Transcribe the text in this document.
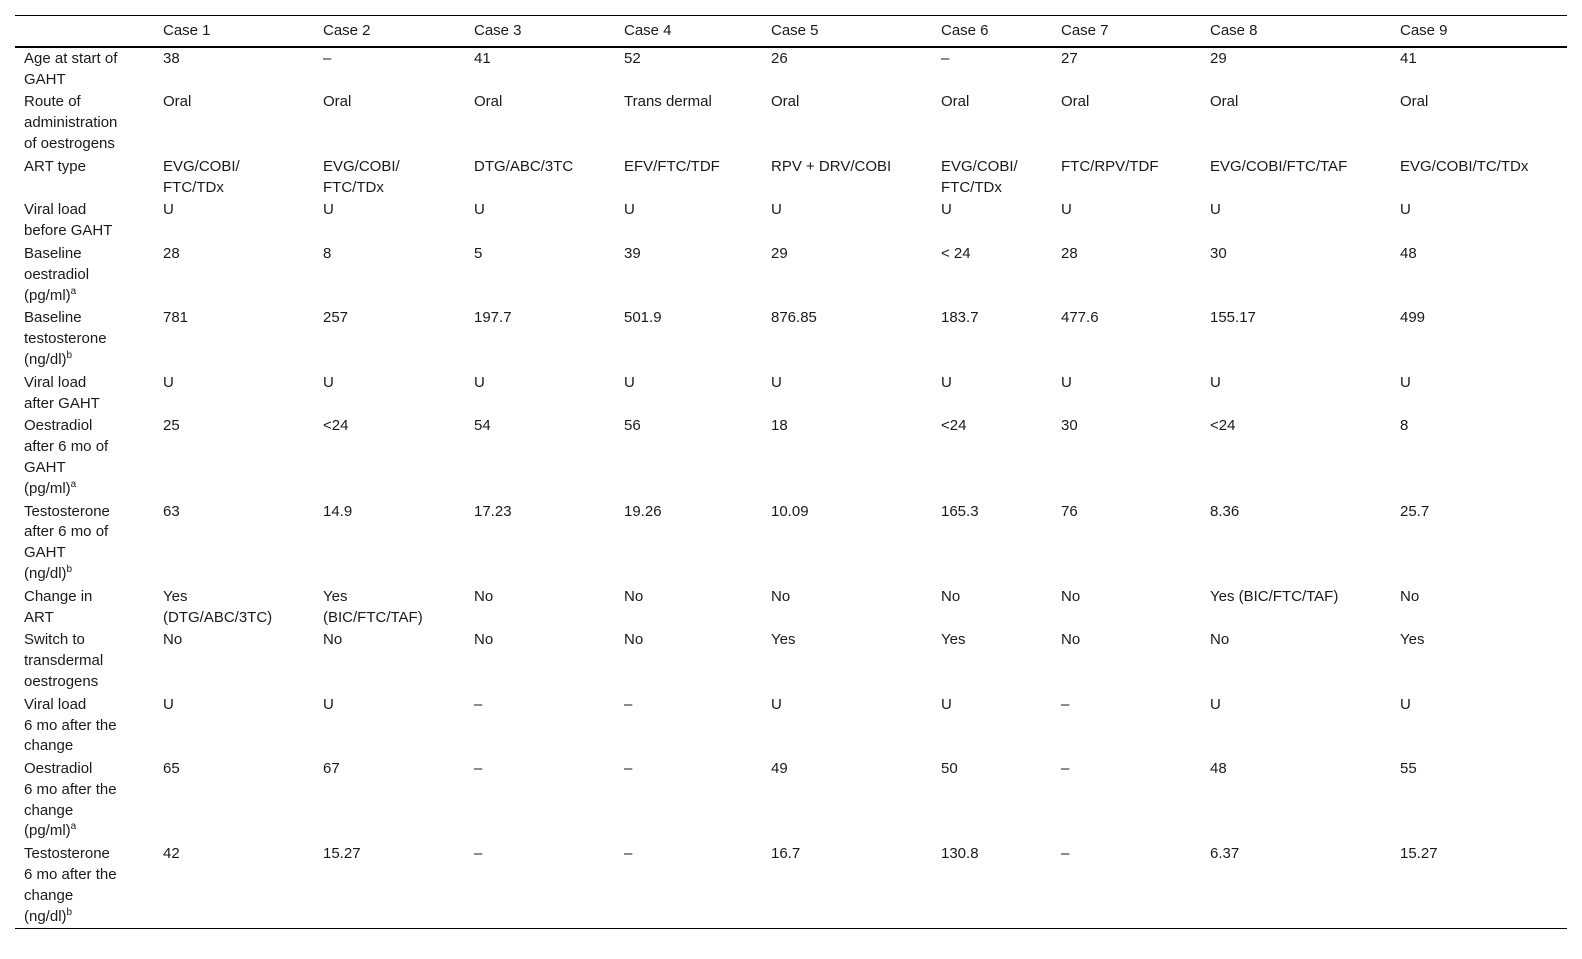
	Case 1	Case 2	Case 3	Case 4	Case 5	Case 6	Case 7	Case 8	Case 9

Age at start of
GAHT	38	–	41	52	26	–	27	29	41

Route of
administration
of oestrogens	Oral	Oral	Oral	Trans dermal	Oral	Oral	Oral	Oral	Oral

ART type	EVG/COBI/
FTC/TDx	EVG/COBI/
FTC/TDx	DTG/ABC/3TC	EFV/FTC/TDF	RPV + DRV/COBI	EVG/COBI/
FTC/TDx	FTC/RPV/TDF	EVG/COBI/FTC/TAF	EVG/COBI/TC/TDx

Viral load
before GAHT	U	U	U	U	U	U	U	U	U

Baseline
oestradiol
$(pg/ml)^a$	28	8	5	39	29	< 24	28	30	48

Baseline
testosterone
$(ng/dl)^b$	781	257	197.7	501.9	876.85	183.7	477.6	155.17	499

Viral load
after GAHT	U	U	U	U	U	U	U	U	U

Oestradiol
after 6 mo of
GAHT
$(pg/ml)^a$	25	<24	54	56	18	<24	30	<24	8

Testosterone
after 6 mo of
GAHT
$(ng/dl)^b$	63	14.9	17.23	19.26	10.09	165.3	76	8.36	25.7

Change in
ART	Yes
(DTG/ABC/3TC)	Yes
(BIC/FTC/TAF)	No	No	No	No	No	Yes (BIC/FTC/TAF)	No

Switch to
transdermal
oestrogens	No	No	No	No	Yes	Yes	No	No	Yes

Viral load
6 mo after the
change	U	U	–	–	U	U	–	U	U

Oestradiol
6 mo after the
change
$(pg/ml)^a$	65	67	–	–	49	50	–	48	55

Testosterone
6 mo after the
change
$(ng/dl)^b$	42	15.27	–	–	16.7	130.8	–	6.37	15.27
